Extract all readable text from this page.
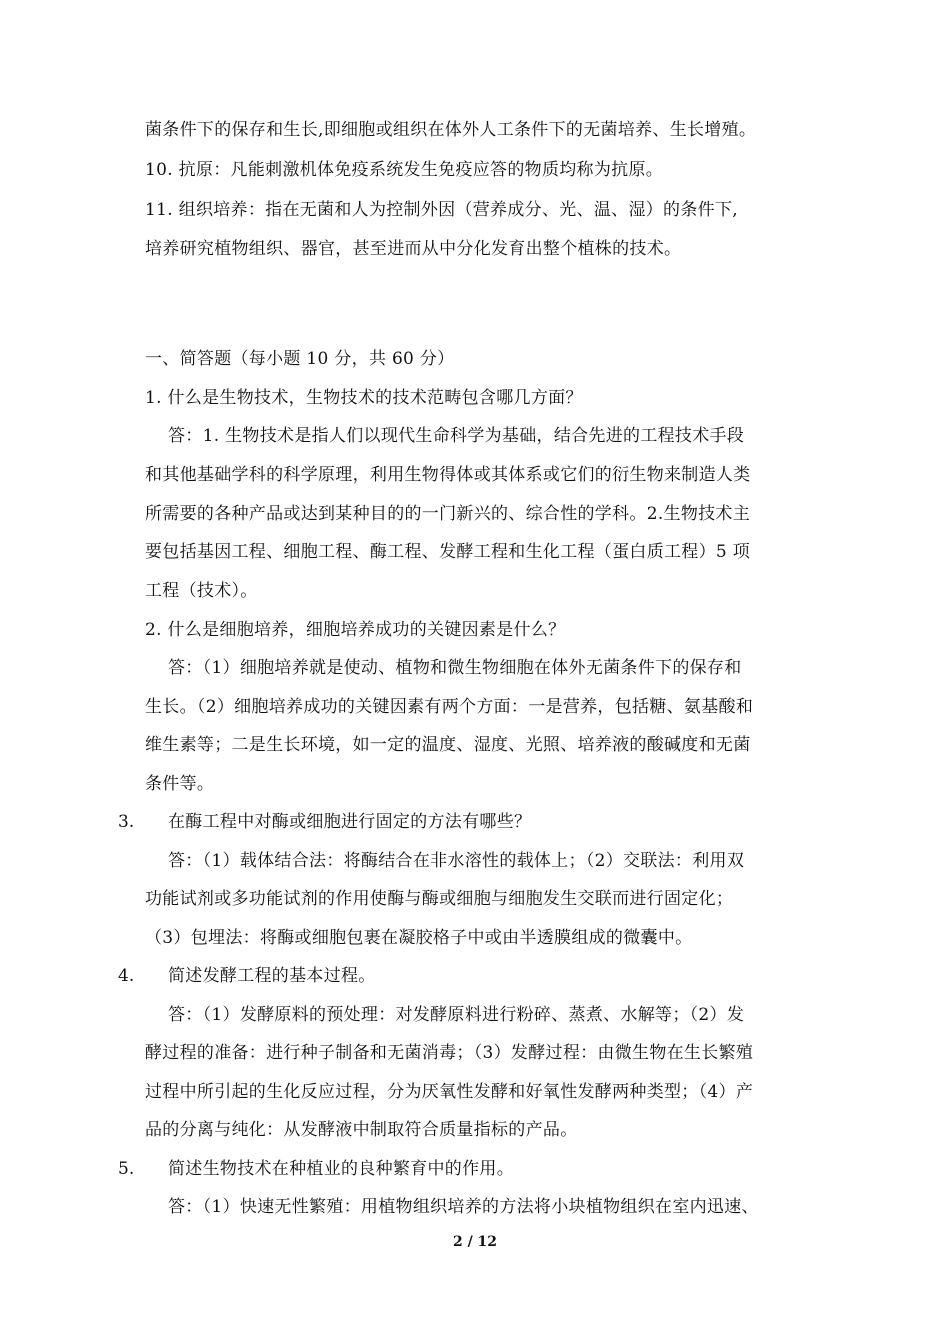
菌条件下的保存和生长,即细胞或组织在体外人工条件下的无菌培养、生长增殖。
10. 抗原：凡能刺激机体免疫系统发生免疫应答的物质均称为抗原。
11. 组织培养：指在无菌和人为控制外因（营养成分、光、温、湿）的条件下,
培养研究植物组织、器官，甚至进而从中分化发育出整个植株的技术。
一、简答题（每小题 10 分，共 60 分）
1. 什么是生物技术，生物技术的技术范畴包含哪几方面？
　 答：1. 生物技术是指人们以现代生命科学为基础，结合先进的工程技术手段
和其他基础学科的科学原理，利用生物得体或其体系或它们的衍生物来制造人类
所需要的各种产品或达到某种目的的一门新兴的、综合性的学科。2.生物技术主
要包括基因工程、细胞工程、酶工程、发酵工程和生化工程（蛋白质工程）5 项
工程（技术）。
2. 什么是细胞培养，细胞培养成功的关键因素是什么？
　 答：（1）细胞培养就是使动、植物和微生物细胞在体外无菌条件下的保存和
生长。（2）细胞培养成功的关键因素有两个方面：一是营养，包括糖、氨基酸和
维生素等；二是生长环境，如一定的温度、湿度、光照、培养液的酸碱度和无菌
条件等。
3. 　 在酶工程中对酶或细胞进行固定的方法有哪些？
　 答：（1）载体结合法：将酶结合在非水溶性的载体上；（2）交联法：利用双
功能试剂或多功能试剂的作用使酶与酶或细胞与细胞发生交联而进行固定化；
（3）包埋法：将酶或细胞包裹在凝胶格子中或由半透膜组成的微囊中。
4. 　 简述发酵工程的基本过程。
　 答：（1）发酵原料的预处理：对发酵原料进行粉碎、蒸煮、水解等；（2）发
酵过程的准备：进行种子制备和无菌消毒；（3）发酵过程：由微生物在生长繁殖
过程中所引起的生化反应过程，分为厌氧性发酵和好氧性发酵两种类型；（4）产
品的分离与纯化：从发酵液中制取符合质量指标的产品。
5. 　 简述生物技术在种植业的良种繁育中的作用。
　 答：（1）快速无性繁殖：用植物组织培养的方法将小块植物组织在室内迅速、
2 / 12
